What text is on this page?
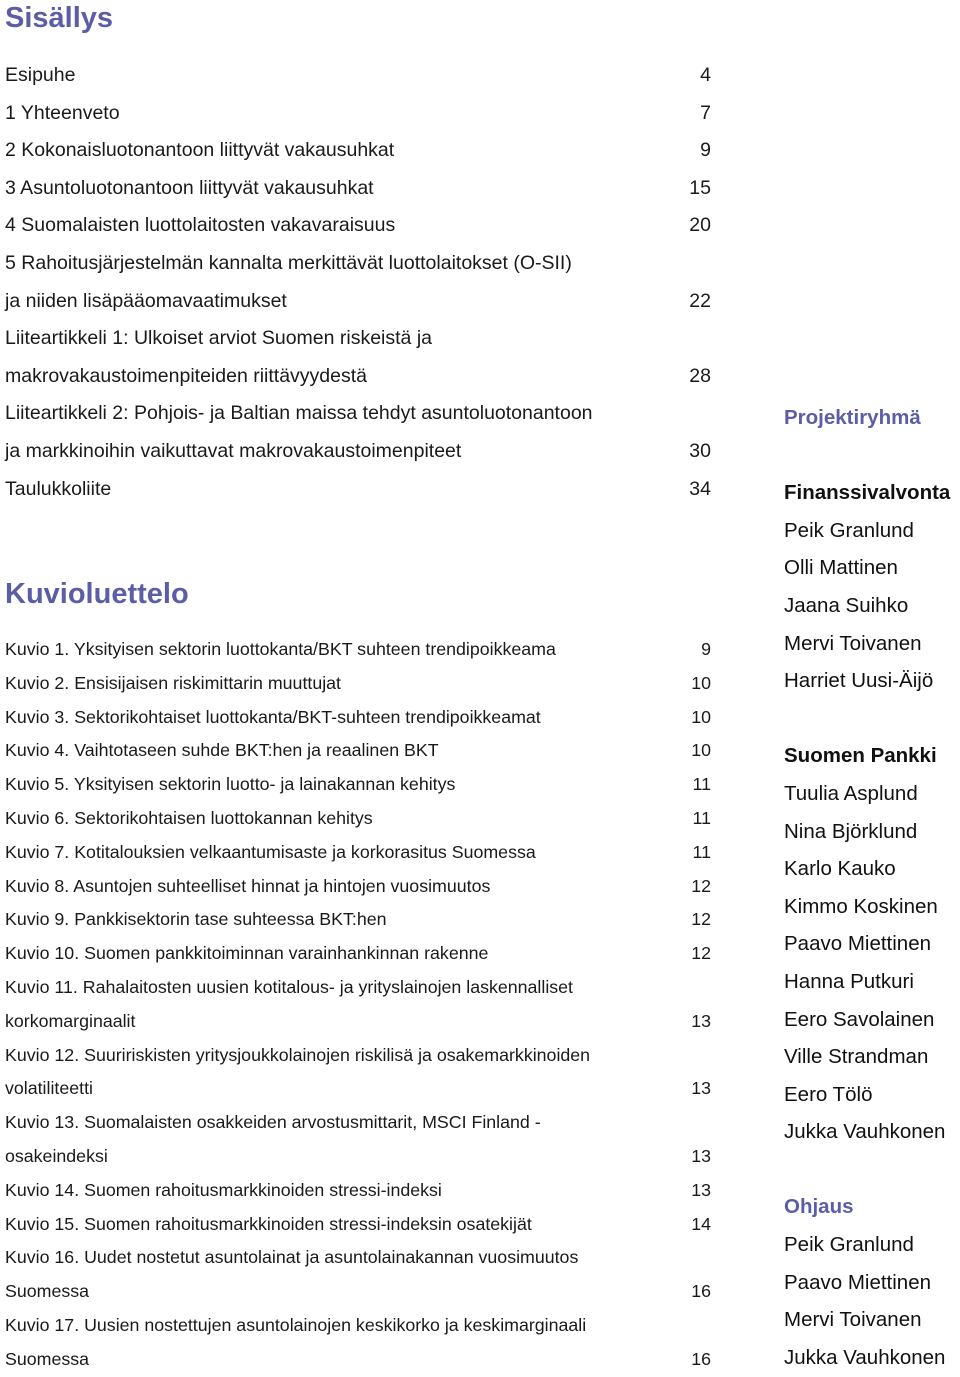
Sisällys
Esipuhe	4
1 Yhteenveto	7
2 Kokonaisluotonantoon liittyvät vakausuhkat	9
3 Asuntoluotonantoon liittyvät vakausuhkat	15
4 Suomalaisten luottolaitosten vakavaraisuus	20
5 Rahoitusjärjestelmän kannalta merkittävät luottolaitokset (O-SII)
ja niiden lisäpääomavaatimukset	22
Liiteartikkeli 1: Ulkoiset arviot Suomen riskeistä ja
makrovakaustoimenpiteiden riittävyydestä	28
Liiteartikkeli 2: Pohjois- ja Baltian maissa tehdyt asuntoluotonantoon
ja markkinoihin vaikuttavat makrovakaustoimenpiteet	30
Taulukkoliite	34
Kuvioluettelo
Kuvio 1. Yksityisen sektorin luottokanta/BKT suhteen trendipoikkeama	9
Kuvio 2. Ensisijaisen riskimittarin muuttujat	10
Kuvio 3. Sektorikohtaiset luottokanta/BKT-suhteen trendipoikkeamat	10
Kuvio 4. Vaihtotaseen suhde BKT:hen ja reaalinen BKT	10
Kuvio 5. Yksityisen sektorin luotto- ja lainakannan kehitys	11
Kuvio 6. Sektorikohtaisen luottokannan kehitys	11
Kuvio 7. Kotitalouksien velkaantumisaste ja korkorasitus Suomessa	11
Kuvio 8. Asuntojen suhteelliset hinnat ja hintojen vuosimuutos	12
Kuvio 9. Pankkisektorin tase suhteessa BKT:hen	12
Kuvio 10. Suomen pankkitoiminnan varainhankinnan rakenne	12
Kuvio 11. Rahalaitosten uusien kotitalous- ja yrityslainojen laskennalliset
korkomarginaalit	13
Kuvio 12. Suuririskisten yritysjoukkolainojen riskilisä ja osakemarkkinoiden
volatiliteetti	13
Kuvio 13. Suomalaisten osakkeiden arvostusmittarit, MSCI Finland -
osakeindeksi	13
Kuvio 14. Suomen rahoitusmarkkinoiden stressi-indeksi	13
Kuvio 15. Suomen rahoitusmarkkinoiden stressi-indeksin osatekijät	14
Kuvio 16. Uudet nostetut asuntolainat ja asuntolainakannan vuosimuutos
Suomessa	16
Kuvio 17. Uusien nostettujen asuntolainojen keskikorko ja keskimarginaali
Suomessa	16
Projektiryhmä
Finanssivalvonta
Peik Granlund
Olli Mattinen
Jaana Suihko
Mervi Toivanen
Harriet Uusi-Äijö
Suomen Pankki
Tuulia Asplund
Nina Björklund
Karlo Kauko
Kimmo Koskinen
Paavo Miettinen
Hanna Putkuri
Eero Savolainen
Ville Strandman
Eero Tölö
Jukka Vauhkonen
Ohjaus
Peik Granlund
Paavo Miettinen
Mervi Toivanen
Jukka Vauhkonen
